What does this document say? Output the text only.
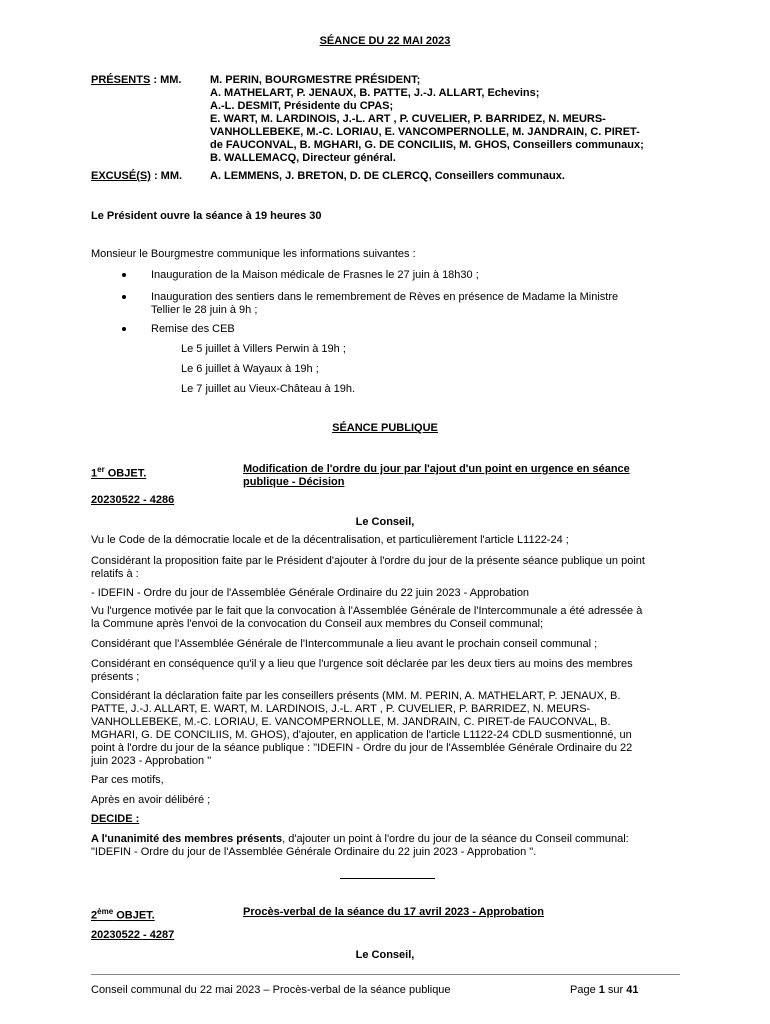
SÉANCE DU 22 MAI 2023
PRÉSENTS : MM.	M. PERIN, BOURGMESTRE PRÉSIDENT;
A. MATHELART, P. JENAUX, B. PATTE, J.-J. ALLART, Echevins;
A.-L. DESMIT, Présidente du CPAS;
E. WART, M. LARDINOIS, J.-L. ART , P. CUVELIER, P. BARRIDEZ, N. MEURS-
VANHOLLEBEKE, M.-C. LORIAU, E. VANCOMPERNOLLE, M. JANDRAIN, C. PIRET-
de FAUCONVAL, B. MGHARI, G. DE CONCILIIS, M. GHOS, Conseillers communaux;
B. WALLEMACQ, Directeur général.
EXCUSÉ(S) : MM.	A. LEMMENS, J. BRETON, D. DE CLERCQ, Conseillers communaux.
Le Président ouvre la séance à 19 heures 30
Monsieur le Bourgmestre communique les informations suivantes :
Inauguration de la Maison médicale de Frasnes le 27 juin à 18h30 ;
Inauguration des sentiers dans le remembrement de Rèves en présence de Madame la Ministre
Tellier le 28 juin à 9h ;
Remise des CEB
Le 5 juillet à Villers Perwin à 19h ;
Le 6 juillet à Wayaux à 19h ;
Le 7 juillet au Vieux-Château à 19h.
SÉANCE PUBLIQUE
1er OBJET.	Modification de l'ordre du jour par l'ajout d'un point en urgence en séance
publique - Décision
20230522 - 4286
Le Conseil,
Vu le Code de la démocratie locale et de la décentralisation, et particulièrement l'article L1122-24 ;
Considérant la proposition faite par le Président d'ajouter à l'ordre du jour de la présente séance publique un point
relatifs à :
- IDEFIN - Ordre du jour de l'Assemblée Générale Ordinaire du 22 juin 2023 - Approbation
Vu l'urgence motivée par le fait que la convocation à l'Assemblée Générale de l'Intercommunale a été adressée à
la Commune après l'envoi de la convocation du Conseil aux membres du Conseil communal;
Considérant que l'Assemblée Générale de l'Intercommunale a lieu avant le prochain conseil communal ;
Considérant en conséquence qu'il y a lieu que l'urgence soit déclarée par les deux tiers au moins des membres
présents ;
Considérant la déclaration faite par les conseillers présents (MM. M. PERIN, A. MATHELART, P. JENAUX, B.
PATTE, J.-J. ALLART, E. WART, M. LARDINOIS, J.-L. ART , P. CUVELIER, P. BARRIDEZ, N. MEURS-
VANHOLLEBEKE, M.-C. LORIAU, E. VANCOMPERNOLLE, M. JANDRAIN, C. PIRET-de FAUCONVAL, B.
MGHARI, G. DE CONCILIIS, M. GHOS), d'ajouter, en application de l'article L1122-24 CDLD susmentionné, un
point à l'ordre du jour de la séance publique : "IDEFIN - Ordre du jour de l'Assemblée Générale Ordinaire du 22
juin 2023 - Approbation "
Par ces motifs,
Après en avoir délibéré ;
DECIDE :
A l'unanimité des membres présents, d'ajouter un point à l'ordre du jour de la séance du Conseil communal:
"IDEFIN - Ordre du jour de l'Assemblée Générale Ordinaire du 22 juin 2023 - Approbation ".
2ème OBJET.	Procès-verbal de la séance du 17 avril 2023 - Approbation
20230522 - 4287
Le Conseil,
Conseil communal du 22 mai 2023 – Procès-verbal de la séance publique	Page 1 sur 41
